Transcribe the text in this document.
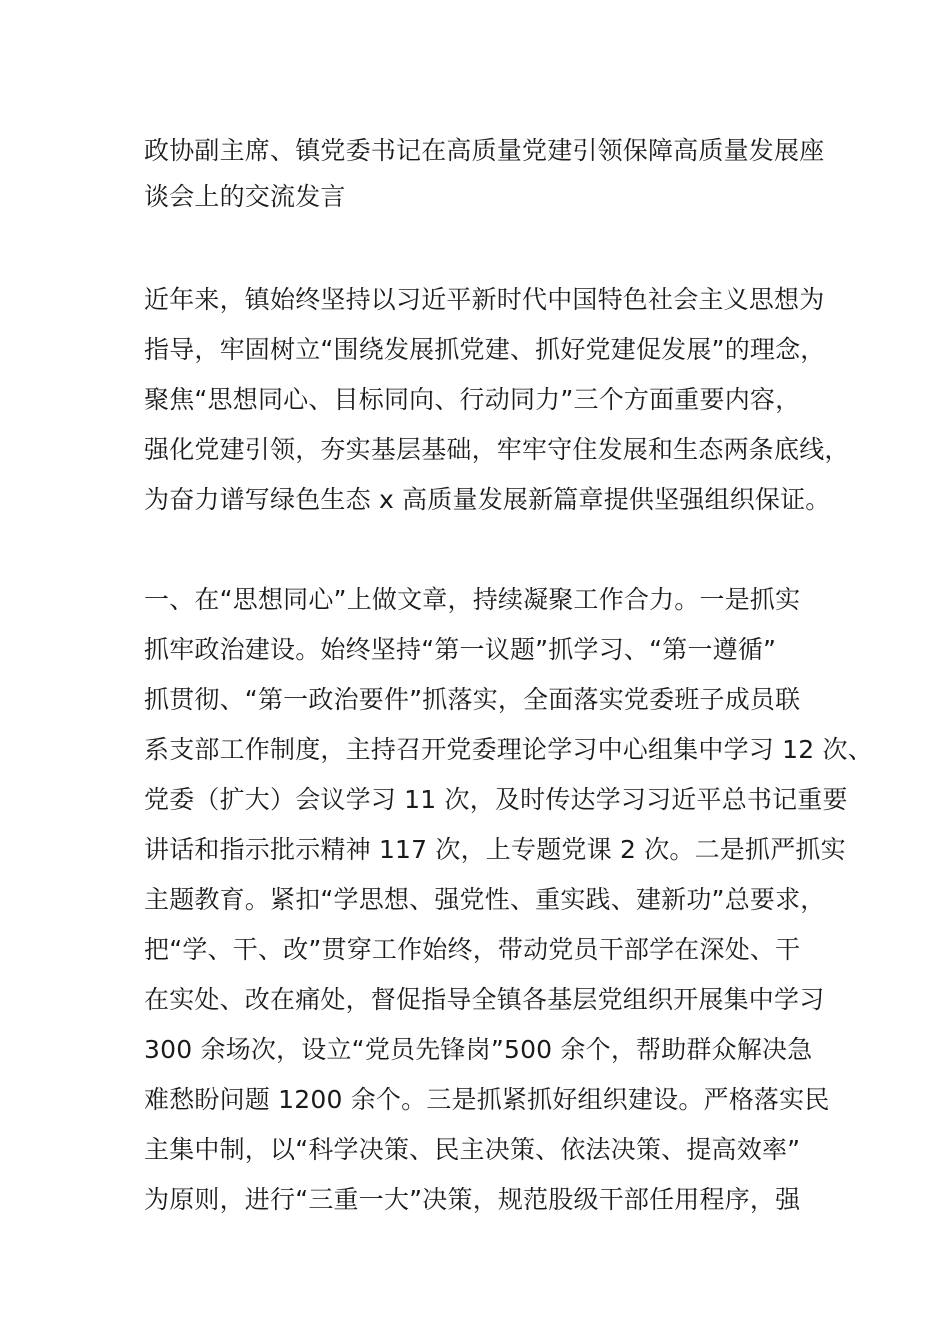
政协副主席、镇党委书记在高质量党建引领保障高质量发展座
谈会上的交流发言
近年来，镇始终坚持以习近平新时代中国特色社会主义思想为
指导，牢固树立“围绕发展抓党建、抓好党建促发展”的理念，
聚焦“思想同心、目标同向、行动同力”三个方面重要内容，
强化党建引领，夯实基层基础，牢牢守住发展和生态两条底线，
为奋力谱写绿色生态 x 高质量发展新篇章提供坚强组织保证。
一、在“思想同心”上做文章，持续凝聚工作合力。一是抓实
抓牢政治建设。始终坚持“第一议题”抓学习、“第一遵循”
抓贯彻、“第一政治要件”抓落实，全面落实党委班子成员联
系支部工作制度，主持召开党委理论学习中心组集中学习 12 次、
党委（扩大）会议学习 11 次，及时传达学习习近平总书记重要
讲话和指示批示精神 117 次，上专题党课 2 次。二是抓严抓实
主题教育。紧扣“学思想、强党性、重实践、建新功”总要求，
把“学、干、改”贯穿工作始终，带动党员干部学在深处、干
在实处、改在痛处，督促指导全镇各基层党组织开展集中学习
300 余场次，设立“党员先锋岗”500 余个，帮助群众解决急
难愁盼问题 1200 余个。三是抓紧抓好组织建设。严格落实民
主集中制，以“科学决策、民主决策、依法决策、提高效率”
为原则，进行“三重一大”决策，规范股级干部任用程序，强
